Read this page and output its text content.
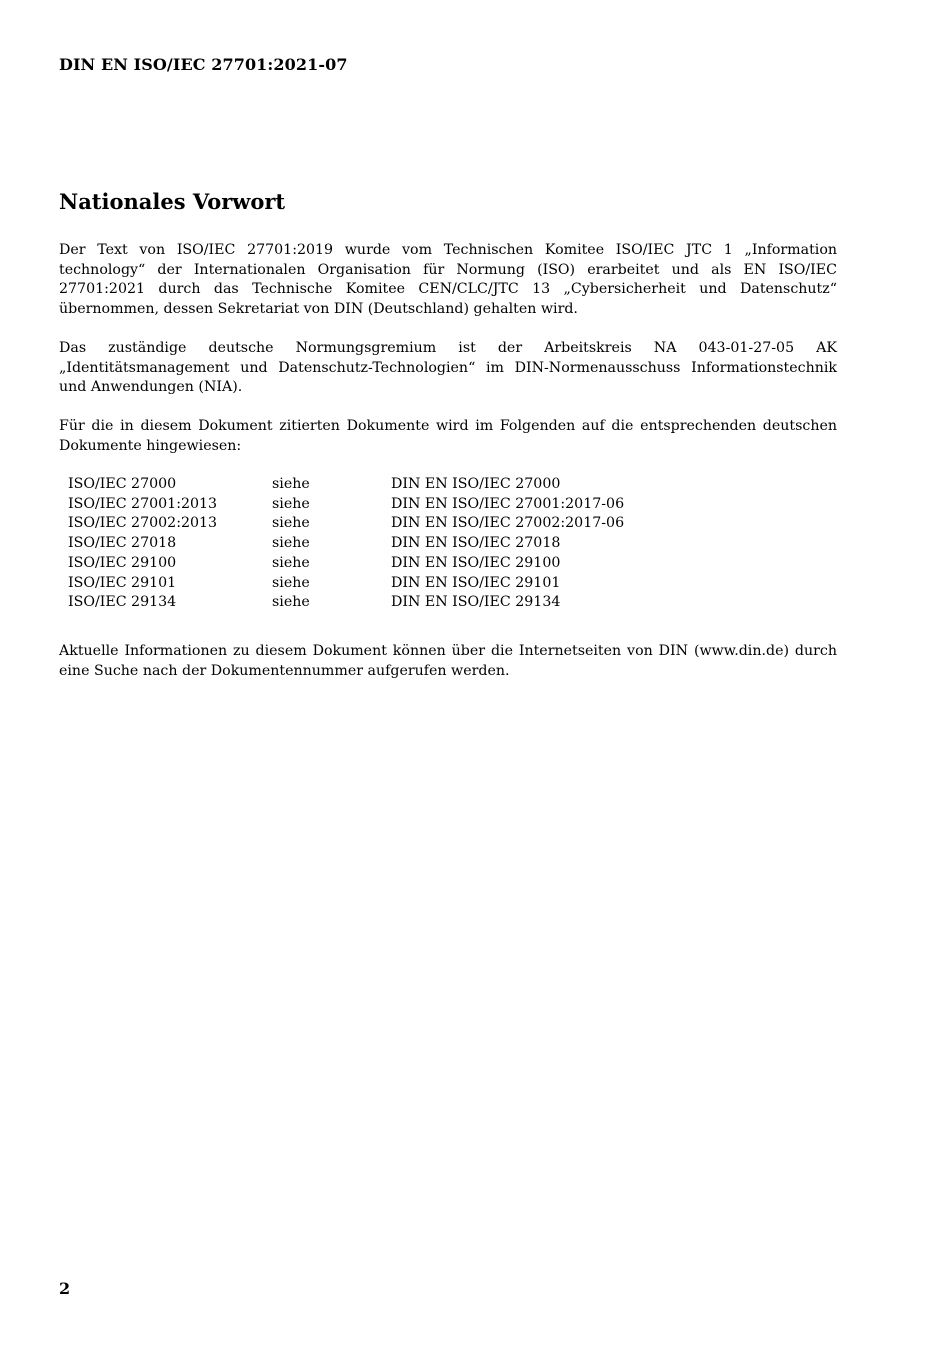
DIN EN ISO/IEC 27701:2021-07
Nationales Vorwort

Der Text von ISO/IEC 27701:2019 wurde vom Technischen Komitee ISO/IEC JTC 1 „Information technology“ der Internationalen Organisation für Normung (ISO) erarbeitet und als EN ISO/IEC 27701:2021 durch das Technische Komitee CEN/CLC/JTC 13 „Cybersicherheit und Datenschutz“ übernommen, dessen Sekretariat von DIN (Deutschland) gehalten wird.

Das zuständige deutsche Normungsgremium ist der Arbeitskreis NA 043-01-27-05 AK „Identitätsmanagement und Datenschutz-Technologien“ im DIN-Normenausschuss Informationstechnik und Anwendungen (NIA).

Für die in diesem Dokument zitierten Dokumente wird im Folgenden auf die entsprechenden deutschen Dokumente hingewiesen:

ISO/IEC 27000	siehe	DIN EN ISO/IEC 27000
ISO/IEC 27001:2013	siehe	DIN EN ISO/IEC 27001:2017-06
ISO/IEC 27002:2013	siehe	DIN EN ISO/IEC 27002:2017-06
ISO/IEC 27018	siehe	DIN EN ISO/IEC 27018
ISO/IEC 29100	siehe	DIN EN ISO/IEC 29100
ISO/IEC 29101	siehe	DIN EN ISO/IEC 29101
ISO/IEC 29134	siehe	DIN EN ISO/IEC 29134

Aktuelle Informationen zu diesem Dokument können über die Internetseiten von DIN (www.din.de) durch eine Suche nach der Dokumentennummer aufgerufen werden.

2
